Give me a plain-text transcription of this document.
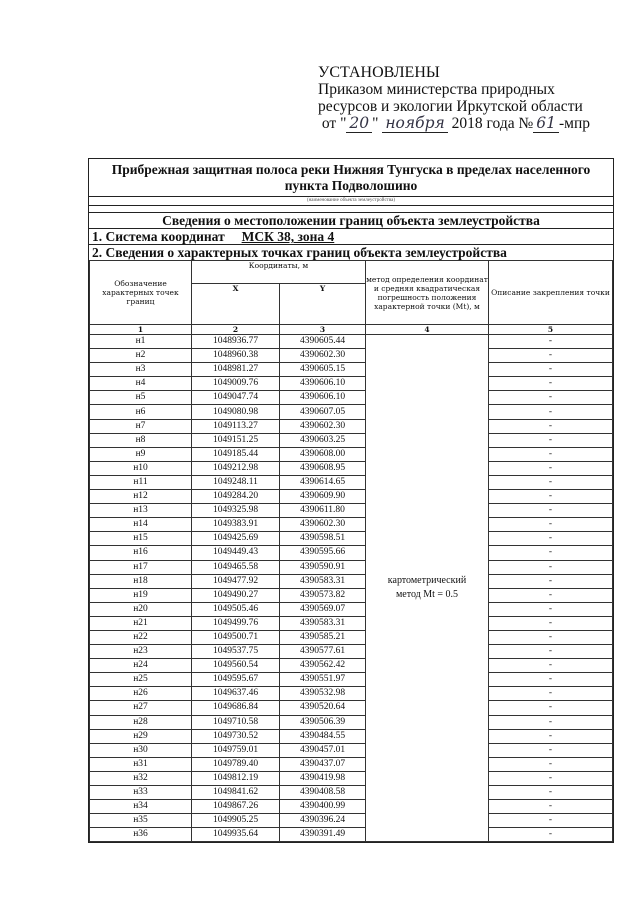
УСТАНОВЛЕНЫ
Приказом министерства природных
ресурсов и экологии Иркутской области
от " 20 " ноября 2018 года № 61 -мпр
Прибрежная защитная полоса реки Нижняя Тунгуска в пределах населенного пункта Подволошино
(наименование объекта землеустройства)
Сведения о местоположении границ объекта землеустройства
1. Система координат МСК 38, зона 4
2. Сведения о характерных точках границ объекта землеустройства
Обозначение характерных точек границ	Координаты, м		метод определения координат и средняя квадратическая погрешность положения характерной точки (Mt), м	Описание закрепления точки
	X	Y		
1	2	3	4	5
н1	1048936.77	4390605.44	картометрический метод Mt = 0.5	-
н2	1048960.38	4390602.30		-
н3	1048981.27	4390605.15		-
н4	1049009.76	4390606.10		-
н5	1049047.74	4390606.10		-
н6	1049080.98	4390607.05		-
н7	1049113.27	4390602.30		-
н8	1049151.25	4390603.25		-
н9	1049185.44	4390608.00		-
н10	1049212.98	4390608.95		-
н11	1049248.11	4390614.65		-
н12	1049284.20	4390609.90		-
н13	1049325.98	4390611.80		-
н14	1049383.91	4390602.30		-
н15	1049425.69	4390598.51		-
н16	1049449.43	4390595.66		-
н17	1049465.58	4390590.91		-
н18	1049477.92	4390583.31		-
н19	1049490.27	4390573.82		-
н20	1049505.46	4390569.07		-
н21	1049499.76	4390583.31		-
н22	1049500.71	4390585.21		-
н23	1049537.75	4390577.61		-
н24	1049560.54	4390562.42		-
н25	1049595.67	4390551.97		-
н26	1049637.46	4390532.98		-
н27	1049686.84	4390520.64		-
н28	1049710.58	4390506.39		-
н29	1049730.52	4390484.55		-
н30	1049759.01	4390457.01		-
н31	1049789.40	4390437.07		-
н32	1049812.19	4390419.98		-
н33	1049841.62	4390408.58		-
н34	1049867.26	4390400.99		-
н35	1049905.25	4390396.24		-
н36	1049935.64	4390391.49		-
